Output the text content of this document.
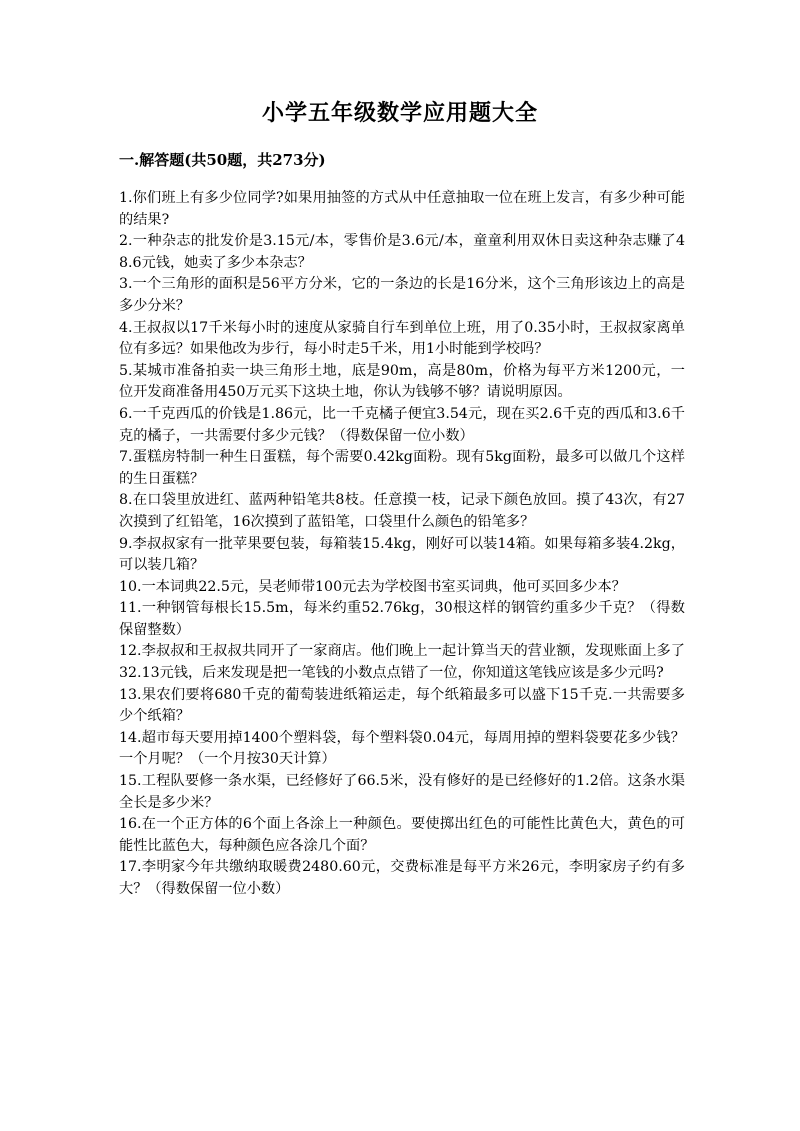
小学五年级数学应用题大全
一.解答题(共50题，共273分)
1.你们班上有多少位同学?如果用抽签的方式从中任意抽取一位在班上发言，有多少种可能的结果?
2.一种杂志的批发价是3.15元/本，零售价是3.6元/本，童童利用双休日卖这种杂志赚了48.6元钱，她卖了多少本杂志？
3.一个三角形的面积是56平方分米，它的一条边的长是16分米，这个三角形该边上的高是多少分米？
4.王叔叔以17千米每小时的速度从家骑自行车到单位上班，用了0.35小时，王叔叔家离单位有多远？如果他改为步行，每小时走5千米，用1小时能到学校吗？
5.某城市准备拍卖一块三角形土地，底是90m，高是80m，价格为每平方米1200元，一位开发商准备用450万元买下这块土地，你认为钱够不够？请说明原因。
6.一千克西瓜的价钱是1.86元，比一千克橘子便宜3.54元，现在买2.6千克的西瓜和3.6千克的橘子，一共需要付多少元钱？（得数保留一位小数）
7.蛋糕房特制一种生日蛋糕，每个需要0.42kg面粉。现有5kg面粉，最多可以做几个这样的生日蛋糕？
8.在口袋里放进红、蓝两种铅笔共8枝。任意摸一枝，记录下颜色放回。摸了43次，有27次摸到了红铅笔，16次摸到了蓝铅笔，口袋里什么颜色的铅笔多？
9.李叔叔家有一批苹果要包装，每箱装15.4kg，刚好可以装14箱。如果每箱多装4.2kg，可以装几箱？
10.一本词典22.5元，吴老师带100元去为学校图书室买词典，他可买回多少本？
11.一种钢管每根长15.5m，每米约重52.76kg，30根这样的钢管约重多少千克？（得数保留整数）
12.李叔叔和王叔叔共同开了一家商店。他们晚上一起计算当天的营业额，发现账面上多了32.13元钱，后来发现是把一笔钱的小数点点错了一位，你知道这笔钱应该是多少元吗?
13.果农们要将680千克的葡萄装进纸箱运走，每个纸箱最多可以盛下15千克.一共需要多少个纸箱？
14.超市每天要用掉1400个塑料袋，每个塑料袋0.04元，每周用掉的塑料袋要花多少钱？一个月呢？（一个月按30天计算）
15.工程队要修一条水渠，已经修好了66.5米，没有修好的是已经修好的1.2倍。这条水渠全长是多少米？
16.在一个正方体的6个面上各涂上一种颜色。要使掷出红色的可能性比黄色大，黄色的可能性比蓝色大，每种颜色应各涂几个面？
17.李明家今年共缴纳取暖费2480.60元，交费标准是每平方米26元，李明家房子约有多大？（得数保留一位小数）
